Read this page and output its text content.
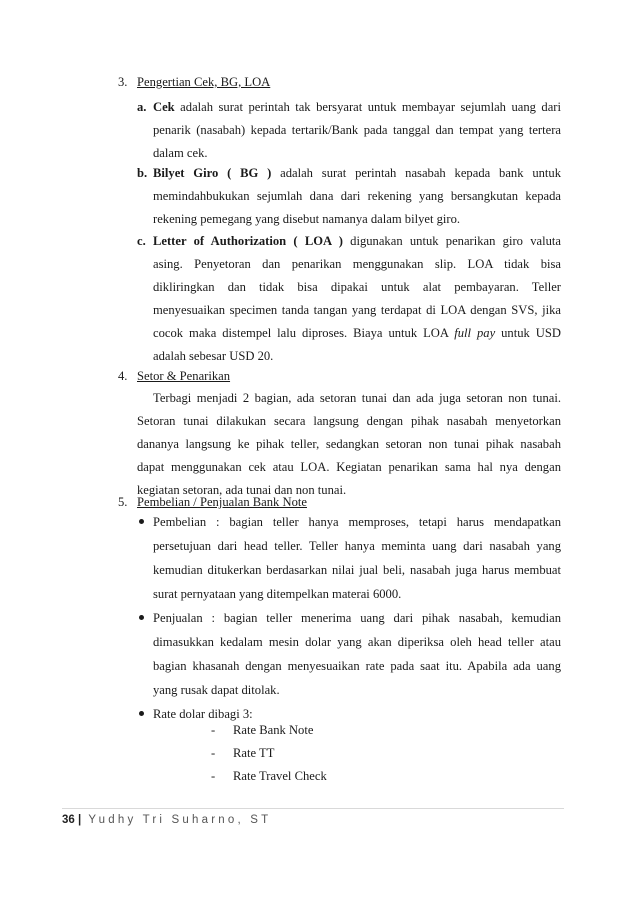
3. Pengertian Cek, BG, LOA
a. Cek adalah surat perintah tak bersyarat untuk membayar sejumlah uang dari
penarik (nasabah) kepada tertarik/Bank pada tanggal dan tempat yang tertera
dalam cek.
b. Bilyet Giro ( BG ) adalah surat perintah nasabah kepada bank untuk
memindahbukukan sejumlah dana dari rekening yang bersangkutan kepada
rekening pemegang yang disebut namanya dalam bilyet giro.
c. Letter of Authorization ( LOA ) digunakan untuk penarikan giro valuta
asing. Penyetoran dan penarikan menggunakan slip. LOA tidak bisa
dikliringkan dan tidak bisa dipakai untuk alat pembayaran. Teller
menyesuaikan specimen tanda tangan yang terdapat di LOA dengan SVS, jika
cocok maka distempel lalu diproses. Biaya untuk LOA full pay untuk USD
adalah sebesar USD 20.
4. Setor & Penarikan
Terbagi menjadi 2 bagian, ada setoran tunai dan ada juga setoran non tunai.
Setoran tunai dilakukan secara langsung dengan pihak nasabah menyetorkan
dananya langsung ke pihak teller, sedangkan setoran non tunai pihak nasabah
dapat menggunakan cek atau LOA. Kegiatan penarikan sama hal nya dengan
kegiatan setoran, ada tunai dan non tunai.
5. Pembelian / Penjualan Bank Note
Pembelian : bagian teller hanya memproses, tetapi harus mendapatkan
persetujuan dari head teller. Teller hanya meminta uang dari nasabah yang
kemudian ditukerkan berdasarkan nilai jual beli, nasabah juga harus membuat
surat pernyataan yang ditempelkan materai 6000.
Penjualan : bagian teller menerima uang dari pihak nasabah, kemudian
dimasukkan kedalam mesin dolar yang akan diperiksa oleh head teller atau
bagian khasanah dengan menyesuaikan rate pada saat itu. Apabila ada uang
yang rusak dapat ditolak.
Rate dolar dibagi 3:
- Rate Bank Note
- Rate TT
- Rate Travel Check
36 | Yudhy Tri Suharno, ST
